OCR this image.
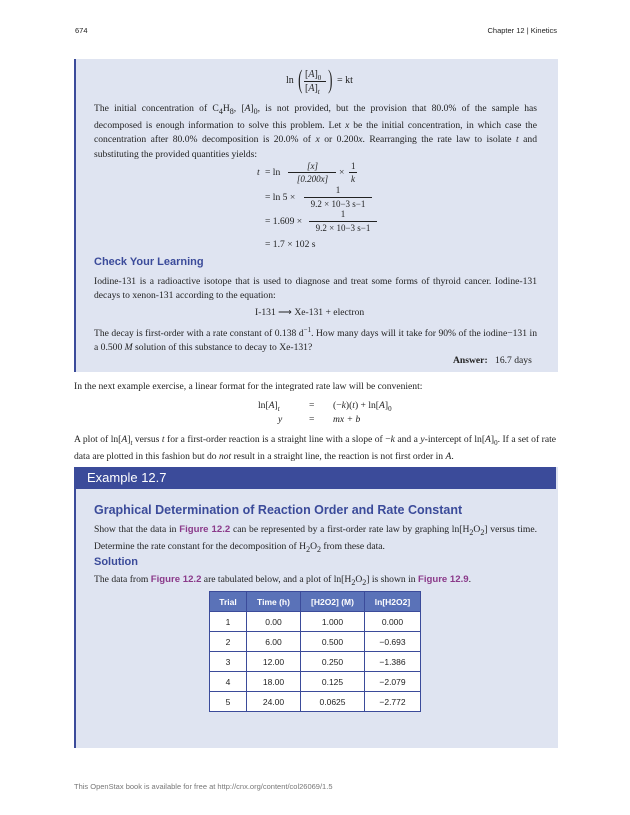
674	Chapter 12 | Kinetics
Example 12.7
ln ( $[A]_0$
$[A]_t$ ) = kt

The initial concentration of $C_4H_8$, $[A]_0$, is not provided, but the provision that 80.0% of the sample has decomposed is enough information to solve this problem. Let x be the initial concentration, in which case the concentration after 80.0% decomposition is 20.0% of x or 0.200x. Rearranging the rate law to isolate t and substituting the provided quantities yields:

t = ln
[x]
[0.200x]
×
1
k
= ln 5 ×
1
9.2 × 10−3 s−1
= 1.609 ×
1
9.2 × 10−3 s−1
= 1.7 × 102 s
Check Your Learning
Iodine-131 is a radioactive isotope that is used to diagnose and treat some forms of thyroid cancer. Iodine-131 decays to xenon-131 according to the equation:
I-131 ⟶ Xe-131 + electron

The decay is first-order with a rate constant of 0.138 $d^{-1}$. How many days will it take for 90% of the iodine−131 in a 0.500 M solution of this substance to decay to Xe-131?

Answer: 16.7 days
In the next example exercise, a linear format for the integrated rate law will be convenient:
$\ln[A]_t$	= $(-k)(t) + \ln[A]_0$
y	= mx + b

A plot of $\ln[A]_t$ versus t for a first-order reaction is a straight line with a slope of −k and a y-intercept of $\ln[A]_0$. If a set of rate data are plotted in this fashion but do not result in a straight line, the reaction is not first order in A.

Graphical Determination of Reaction Order and Rate Constant

Show that the data in Figure 12.2 can be represented by a first-order rate law by graphing $\ln[H_2O_2]$ versus time. Determine the rate constant for the decomposition of $H_2O_2$ from these data.

Solution

The data from Figure 12.2 are tabulated below, and a plot of $\ln[H_2O_2]$ is shown in Figure 12.9.

Trial	Time (h)	[H2O2] (M)	ln[H2O2]
1	0.00	1.000	0.000
2	6.00	0.500	−0.693
3	12.00	0.250	−1.386
4	18.00	0.125	−2.079
5	24.00	0.0625	−2.772
This OpenStax book is available for free at http://cnx.org/content/col26069/1.5
